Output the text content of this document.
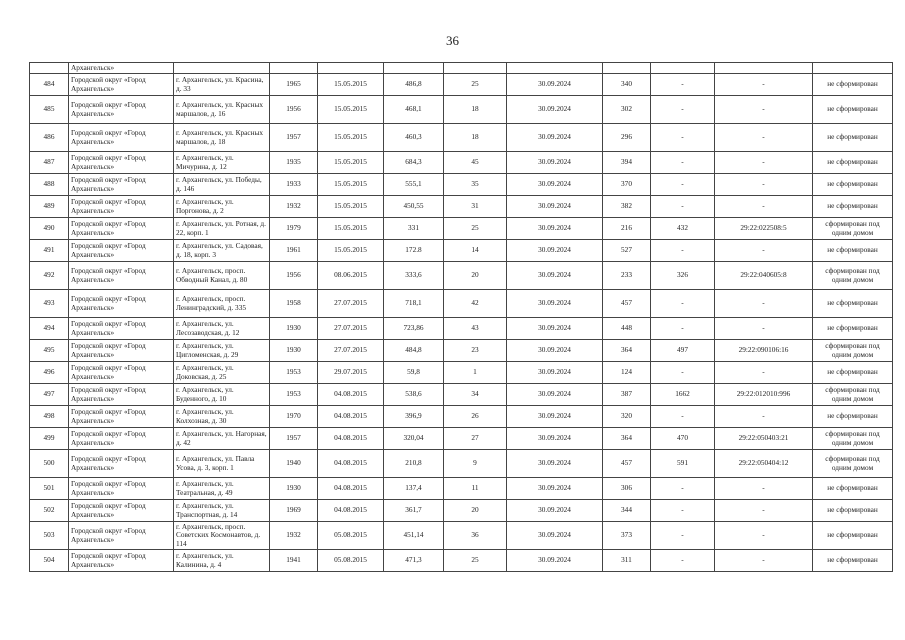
36
	Архангельск»										
484	Городской округ «Город Архангельск»	г. Архангельск, ул. Красина, д. 33	1965	15.05.2015	486,8	25	30.09.2024	340	-	-	не сформирован
485	Городской округ «Город Архангельск»	г. Архангельск, ул. Красных маршалов, д. 16	1956	15.05.2015	468,1	18	30.09.2024	302	-	-	не сформирован
486	Городской округ «Город Архангельск»	г. Архангельск, ул. Красных маршалов, д. 18	1957	15.05.2015	460,3	18	30.09.2024	296	-	-	не сформирован
487	Городской округ «Город Архангельск»	г. Архангельск, ул. Мичурина, д. 12	1935	15.05.2015	684,3	45	30.09.2024	394	-	-	не сформирован
488	Городской округ «Город Архангельск»	г. Архангельск, ул. Победы, д. 146	1933	15.05.2015	555,1	35	30.09.2024	370	-	-	не сформирован
489	Городской округ «Город Архангельск»	г. Архангельск, ул. Поргонова, д. 2	1932	15.05.2015	450,55	31	30.09.2024	382	-	-	не сформирован
490	Городской округ «Город Архангельск»	г. Архангельск, ул. Ротная, д. 22, корп. 1	1979	15.05.2015	331	25	30.09.2024	216	432	29:22:022508:5	сформирован под одним домом
491	Городской округ «Город Архангельск»	г. Архангельск, ул. Садовая, д. 18, корп. 3	1961	15.05.2015	172.8	14	30.09.2024	527	-	-	не сформирован
492	Городской округ «Город Архангельск»	г. Архангельск, просп. Обводный Канал, д. 80	1956	08.06.2015	333,6	20	30.09.2024	233	326	29:22:040605:8	сформирован под одним домом
493	Городской округ «Город Архангельск»	г. Архангельск, просп. Ленинградский, д. 335	1958	27.07.2015	718,1	42	30.09.2024	457	-	-	не сформирован
494	Городской округ «Город Архангельск»	г. Архангельск, ул. Лесозаводская, д. 12	1930	27.07.2015	723,86	43	30.09.2024	448	-	-	не сформирован
495	Городской округ «Город Архангельск»	г. Архангельск, ул. Цигломенская, д. 29	1930	27.07.2015	484,8	23	30.09.2024	364	497	29:22:090106:16	сформирован под одним домом
496	Городской округ «Город Архангельск»	г. Архангельск, ул. Доковская, д. 25	1953	29.07.2015	59,8	1	30.09.2024	124	-	-	не сформирован
497	Городской округ «Город Архангельск»	г. Архангельск, ул. Буденного, д. 10	1953	04.08.2015	538,6	34	30.09.2024	387	1662	29:22:012010:996	сформирован под одним домом
498	Городской округ «Город Архангельск»	г. Архангельск, ул. Колхозная, д. 30	1970	04.08.2015	396,9	26	30.09.2024	320	-	-	не сформирован
499	Городской округ «Город Архангельск»	г. Архангельск, ул. Нагорная, д. 42	1957	04.08.2015	320,04	27	30.09.2024	364	470	29:22:050403:21	сформирован под одним домом
500	Городской округ «Город Архангельск»	г. Архангельск, ул. Павла Усова, д. 3, корп. 1	1940	04.08.2015	210,8	9	30.09.2024	457	591	29:22:050404:12	сформирован под одним домом
501	Городской округ «Город Архангельск»	г. Архангельск, ул. Театральная, д. 49	1930	04.08.2015	137,4	11	30.09.2024	306	-	-	не сформирован
502	Городской округ «Город Архангельск»	г. Архангельск, ул. Транспортная, д. 14	1969	04.08.2015	361,7	20	30.09.2024	344	-	-	не сформирован
503	Городской округ «Город Архангельск»	г. Архангельск, просп. Советских Космонавтов, д. 114	1932	05.08.2015	451,14	36	30.09.2024	373	-	-	не сформирован
504	Городской округ «Город Архангельск»	г. Архангельск, ул. Калинина, д. 4	1941	05.08.2015	471,3	25	30.09.2024	311	-	-	не сформирован
